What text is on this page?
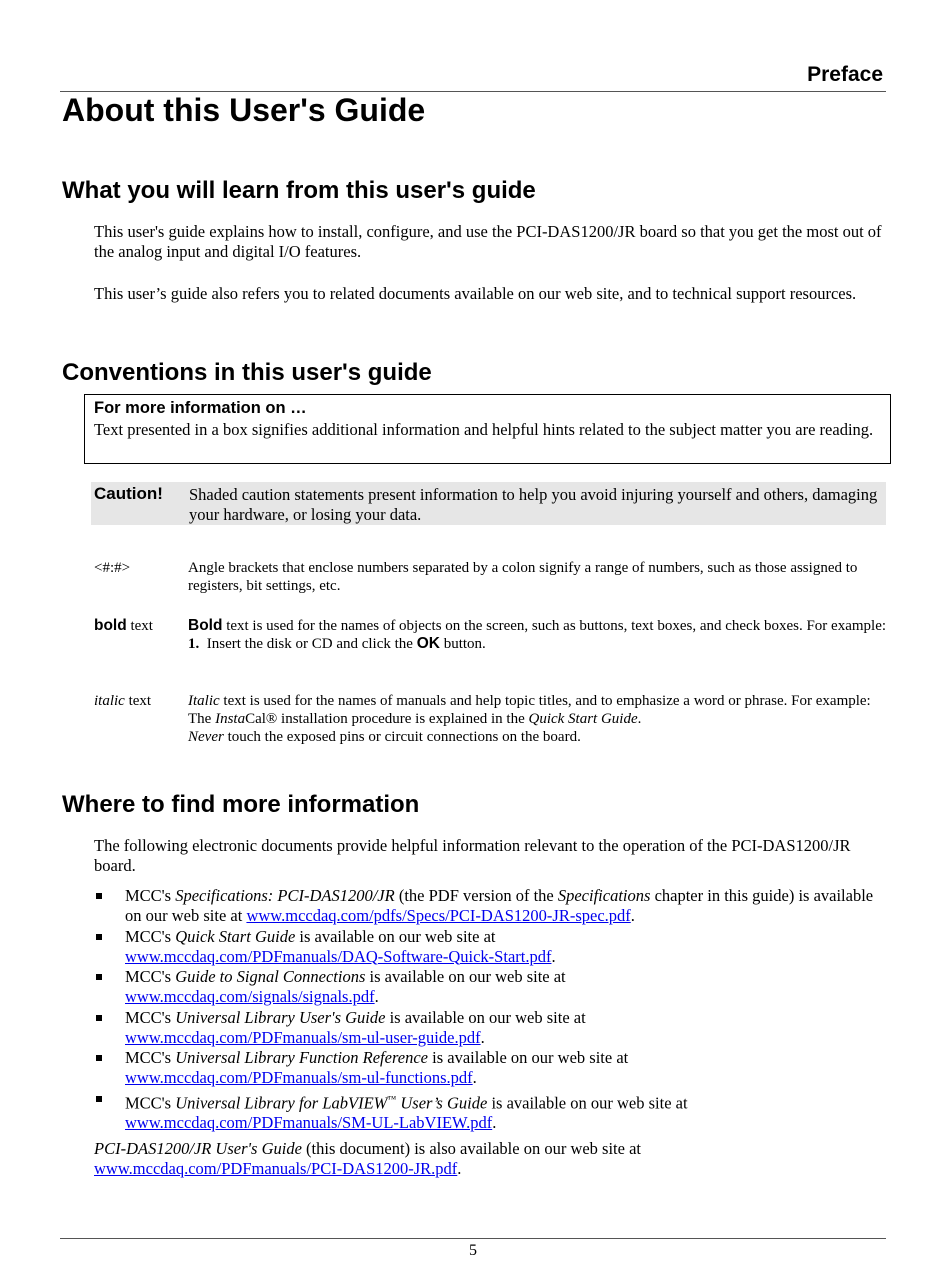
Preface
About this User's Guide
What you will learn from this user's guide

This user's guide explains how to install, configure, and use the PCI-DAS1200/JR board so that you get the most out of the analog input and digital I/O features.

This user’s guide also refers you to related documents available on our web site, and to technical support resources.

Conventions in this user's guide
For more information on …
Text presented in a box signifies additional information and helpful hints related to the subject matter you are reading.
Caution! Shaded caution statements present information to help you avoid injuring yourself and others, damaging your hardware, or losing your data.
<#:#>	Angle brackets that enclose numbers separated by a colon signify a range of numbers, such as those assigned to registers, bit settings, etc.
bold text Bold text is used for the names of objects on the screen, such as buttons, text boxes, and check boxes. For example:
1. Insert the disk or CD and click the OK button.
italic text Italic text is used for the names of manuals and help topic titles, and to emphasize a word or phrase. For example:
The InstaCal® installation procedure is explained in the Quick Start Guide.
Never touch the exposed pins or circuit connections on the board.
Where to find more information

The following electronic documents provide helpful information relevant to the operation of the PCI-DAS1200/JR board.

MCC's Specifications: PCI-DAS1200/JR (the PDF version of the Specifications chapter in this guide) is available on our web site at www.mccdaq.com/pdfs/Specs/PCI-DAS1200-JR-spec.pdf.
MCC's Quick Start Guide is available on our web site at
www.mccdaq.com/PDFmanuals/DAQ-Software-Quick-Start.pdf.
MCC's Guide to Signal Connections is available on our web site at
www.mccdaq.com/signals/signals.pdf.
MCC's Universal Library User's Guide is available on our web site at
www.mccdaq.com/PDFmanuals/sm-ul-user-guide.pdf.
MCC's Universal Library Function Reference is available on our web site at
www.mccdaq.com/PDFmanuals/sm-ul-functions.pdf.
MCC's Universal Library for LabVIEW™ User’s Guide is available on our web site at
www.mccdaq.com/PDFmanuals/SM-UL-LabVIEW.pdf.

PCI-DAS1200/JR User's Guide (this document) is also available on our web site at
www.mccdaq.com/PDFmanuals/PCI-DAS1200-JR.pdf.

5
